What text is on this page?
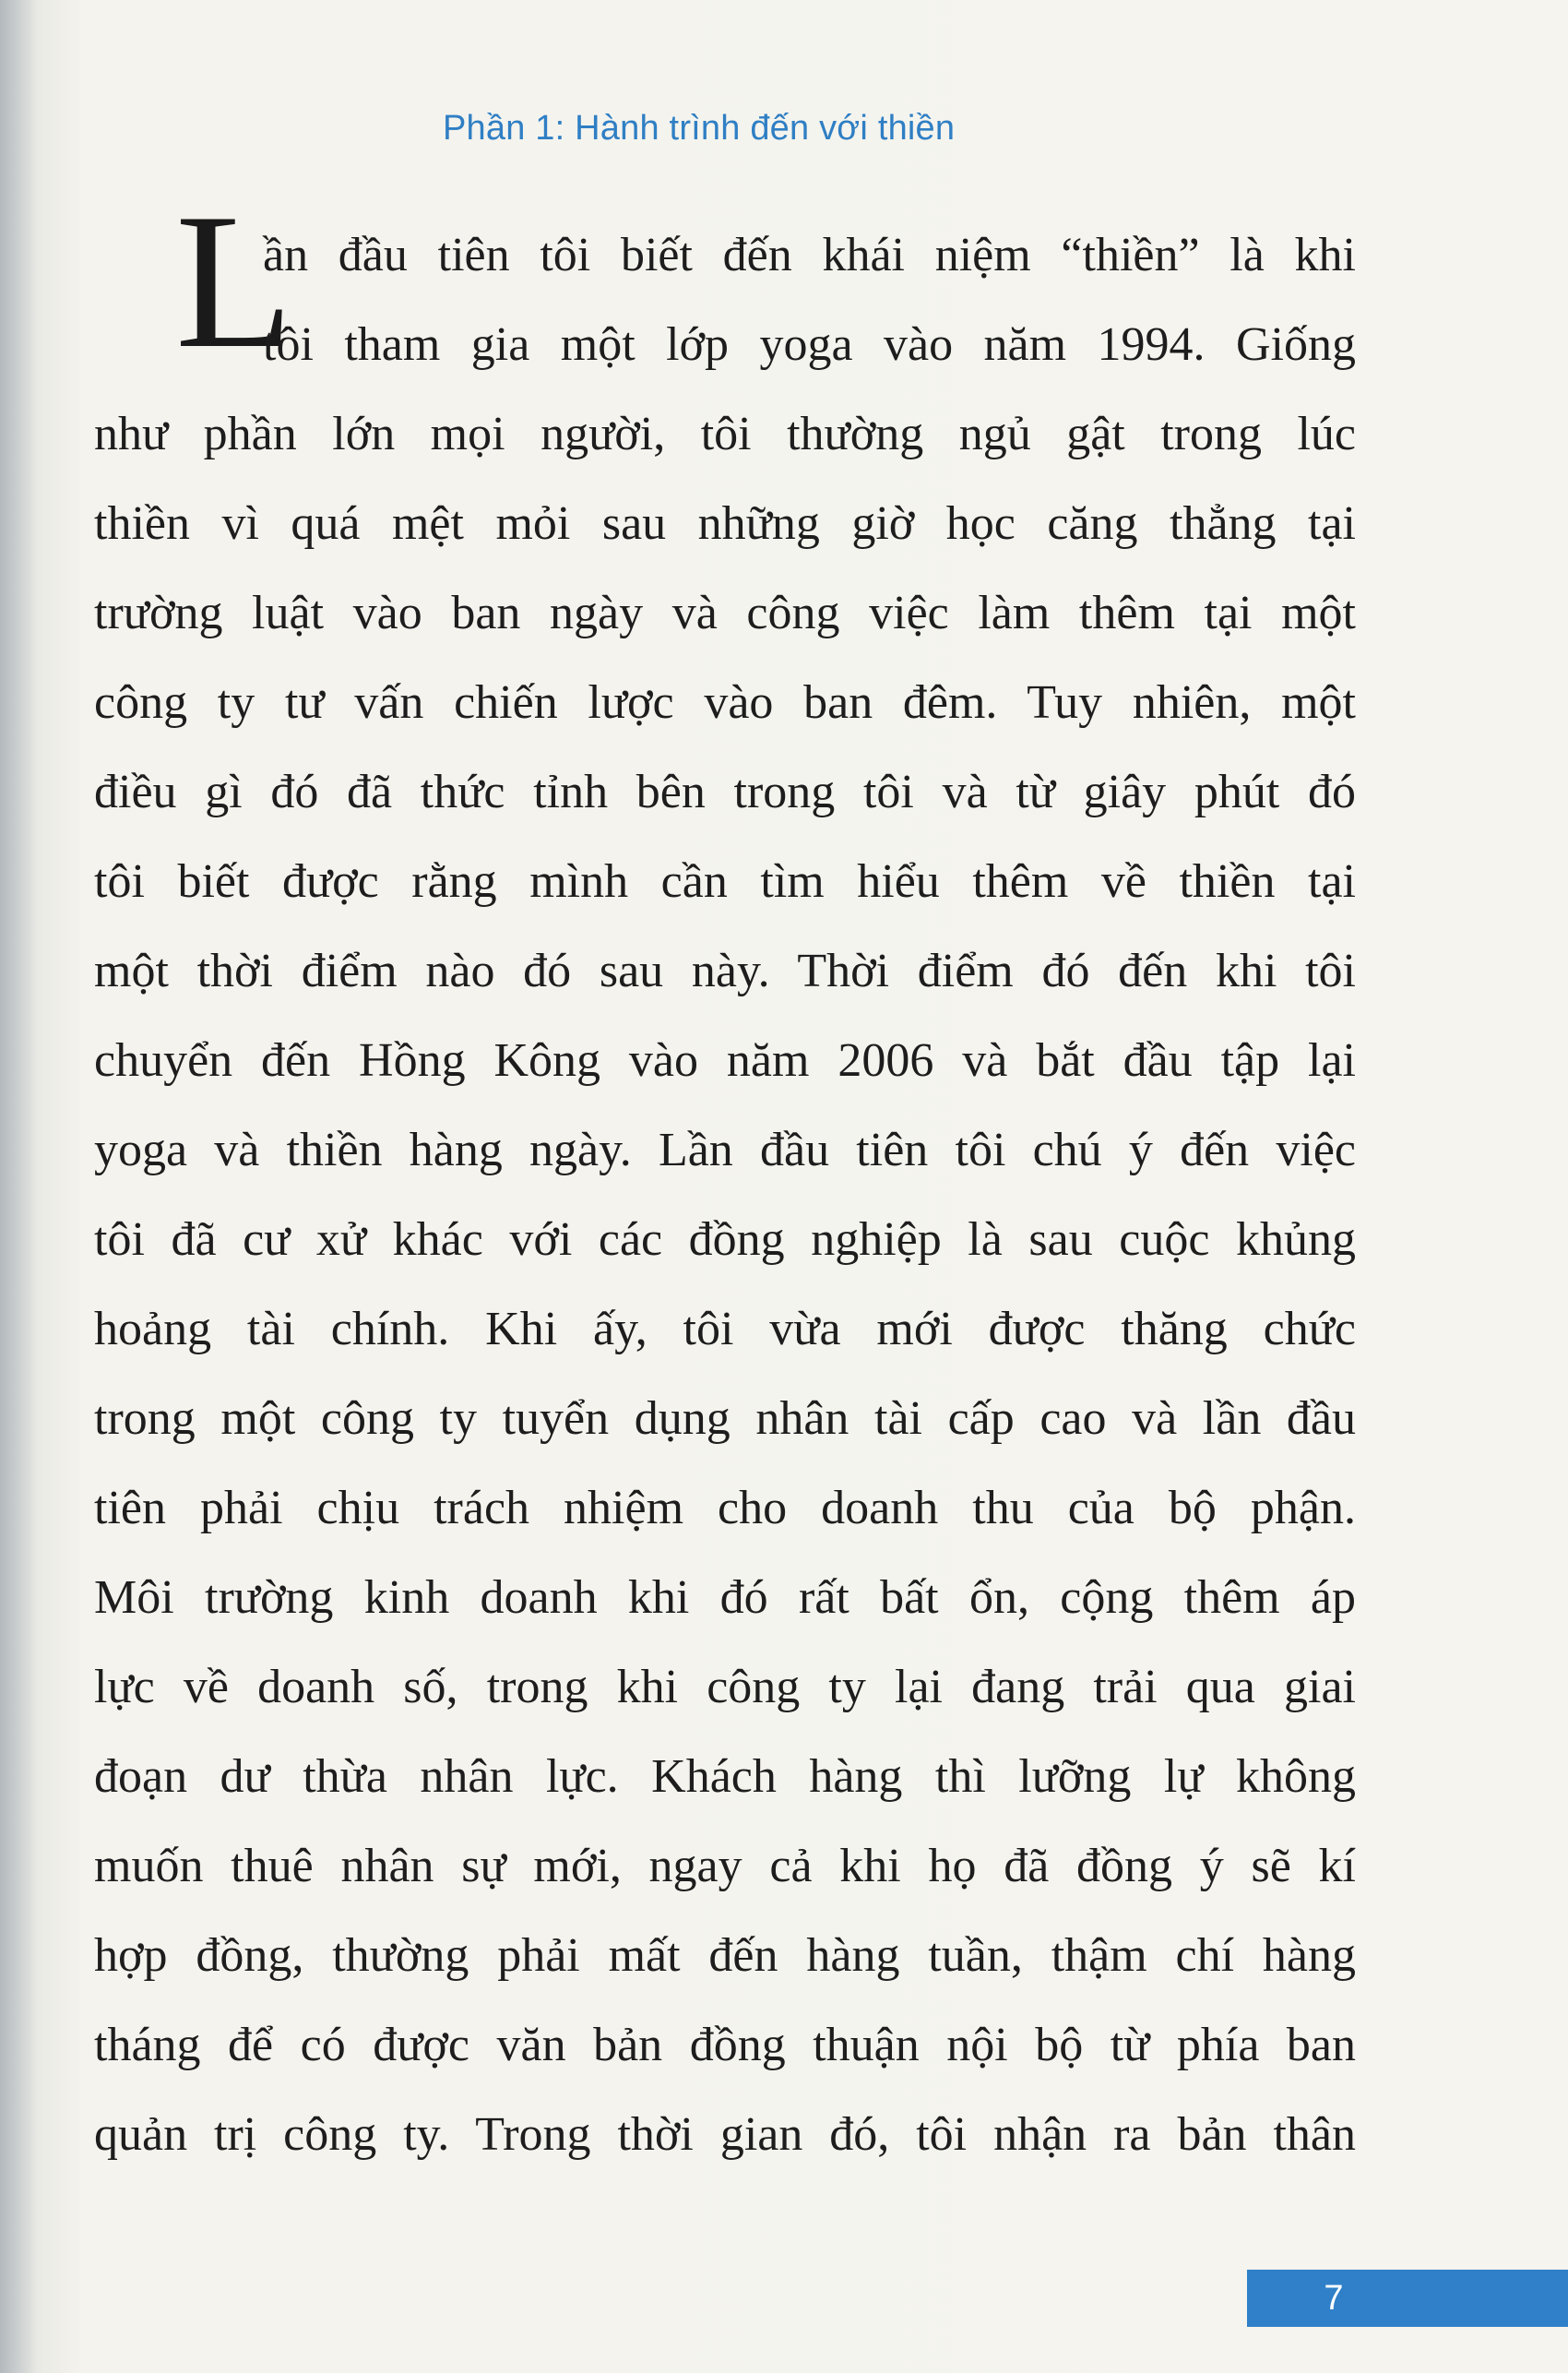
Phần 1: Hành trình đến với thiền
L
ần đầu tiên tôi biết đến khái niệm “thiền” là khi
tôi tham gia một lớp yoga vào năm 1994. Giống
như phần lớn mọi người, tôi thường ngủ gật trong lúc
thiền vì quá mệt mỏi sau những giờ học căng thẳng tại
trường luật vào ban ngày và công việc làm thêm tại một
công ty tư vấn chiến lược vào ban đêm. Tuy nhiên, một
điều gì đó đã thức tỉnh bên trong tôi và từ giây phút đó
tôi biết được rằng mình cần tìm hiểu thêm về thiền tại
một thời điểm nào đó sau này. Thời điểm đó đến khi tôi
chuyển đến Hồng Kông vào năm 2006 và bắt đầu tập lại
yoga và thiền hàng ngày. Lần đầu tiên tôi chú ý đến việc
tôi đã cư xử khác với các đồng nghiệp là sau cuộc khủng
hoảng tài chính. Khi ấy, tôi vừa mới được thăng chức
trong một công ty tuyển dụng nhân tài cấp cao và lần đầu
tiên phải chịu trách nhiệm cho doanh thu của bộ phận.
Môi trường kinh doanh khi đó rất bất ổn, cộng thêm áp
lực về doanh số, trong khi công ty lại đang trải qua giai
đoạn dư thừa nhân lực. Khách hàng thì lưỡng lự không
muốn thuê nhân sự mới, ngay cả khi họ đã đồng ý sẽ kí
hợp đồng, thường phải mất đến hàng tuần, thậm chí hàng
tháng để có được văn bản đồng thuận nội bộ từ phía ban
quản trị công ty. Trong thời gian đó, tôi nhận ra bản thân
7
